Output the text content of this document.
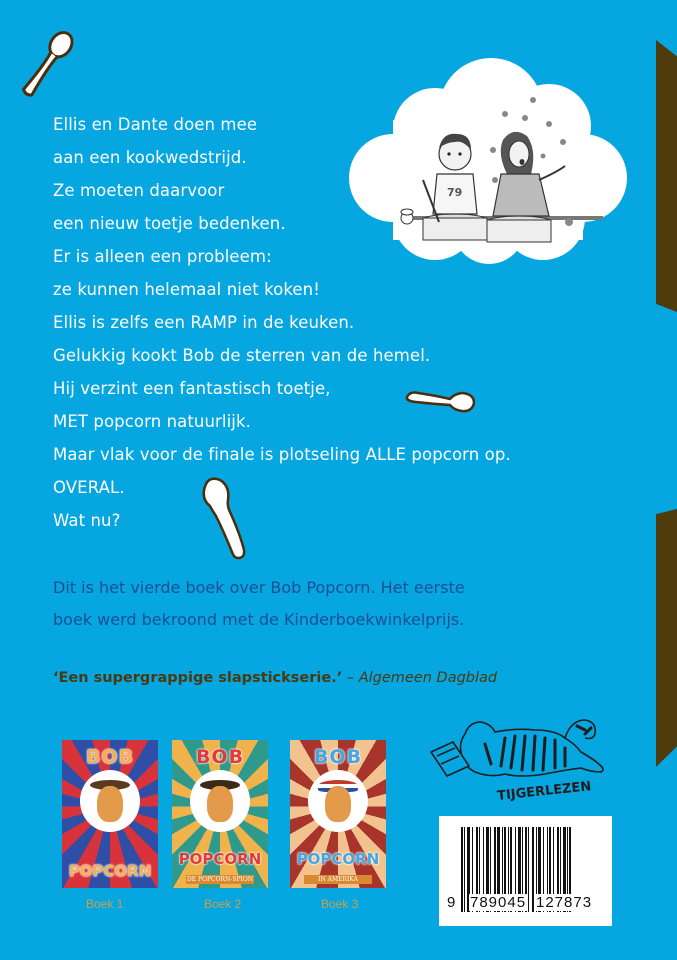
79
Ellis en Dante doen mee
aan een kookwedstrijd.
Ze moeten daarvoor
een nieuw toetje bedenken.
Er is alleen een probleem:
ze kunnen helemaal niet koken!
Ellis is zelfs een RAMP in de keuken.
Gelukkig kookt Bob de sterren van de hemel.
Hij verzint een fantastisch toetje,
MET popcorn natuurlijk.
Maar vlak voor de finale is plotseling ALLE popcorn op.
OVERAL.
Wat nu?

Dit is het vierde boek over Bob Popcorn. Het eerste
boek werd bekroond met de Kinderboekwinkelprijs.

‘Een supergrappige slapstickserie.’ – Algemeen Dagblad
BOB
POPCORN
Boek 1
BOB
POPCORN
DE POPCORN-SPION
Boek 2
BOB
POPCORN
IN AMERIKA
Boek 3
TIJGERLEZEN
9 789045 127873
